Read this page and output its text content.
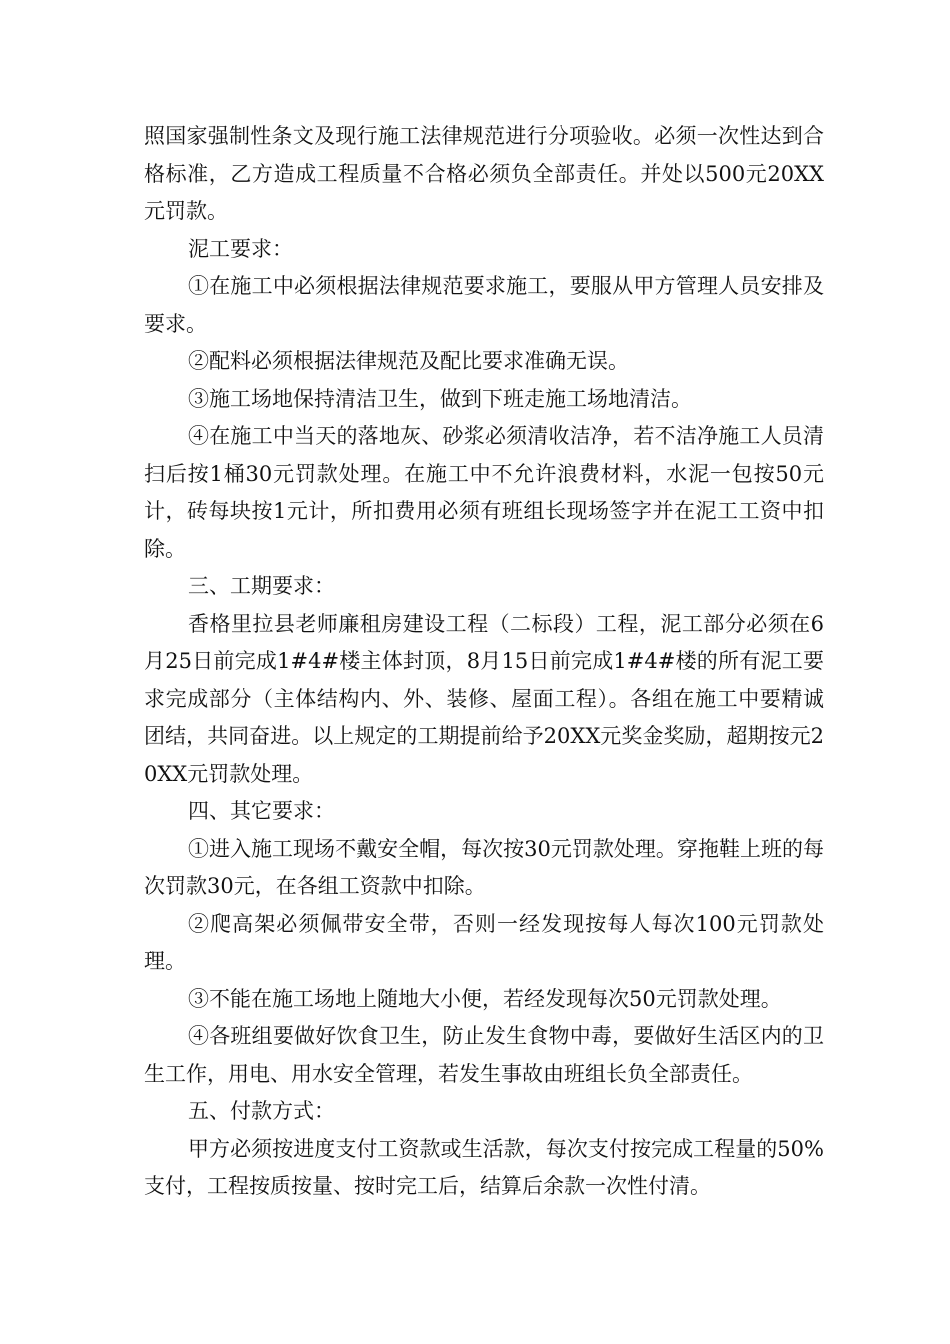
照国家强制性条文及现行施工法律规范进行分项验收。必须一次性达到合格标准，乙方造成工程质量不合格必须负全部责任。并处以500元20XX元罚款。

泥工要求：

①在施工中必须根据法律规范要求施工，要服从甲方管理人员安排及要求。

②配料必须根据法律规范及配比要求准确无误。

③施工场地保持清洁卫生，做到下班走施工场地清洁。

④在施工中当天的落地灰、砂浆必须清收洁净，若不洁净施工人员清扫后按1桶30元罚款处理。在施工中不允许浪费材料，水泥一包按50元计，砖每块按1元计，所扣费用必须有班组长现场签字并在泥工工资中扣除。

三、工期要求：

香格里拉县老师廉租房建设工程（二标段）工程，泥工部分必须在6月25日前完成1#4#楼主体封顶，8月15日前完成1#4#楼的所有泥工要求完成部分（主体结构内、外、装修、屋面工程）。各组在施工中要精诚团结，共同奋进。以上规定的工期提前给予20XX元奖金奖励，超期按元20XX元罚款处理。

四、其它要求：

①进入施工现场不戴安全帽，每次按30元罚款处理。穿拖鞋上班的每次罚款30元，在各组工资款中扣除。

②爬高架必须佩带安全带，否则一经发现按每人每次100元罚款处理。

③不能在施工场地上随地大小便，若经发现每次50元罚款处理。

④各班组要做好饮食卫生，防止发生食物中毒，要做好生活区内的卫生工作，用电、用水安全管理，若发生事故由班组长负全部责任。

五、付款方式：

甲方必须按进度支付工资款或生活款，每次支付按完成工程量的50%支付，工程按质按量、按时完工后，结算后余款一次性付清。
